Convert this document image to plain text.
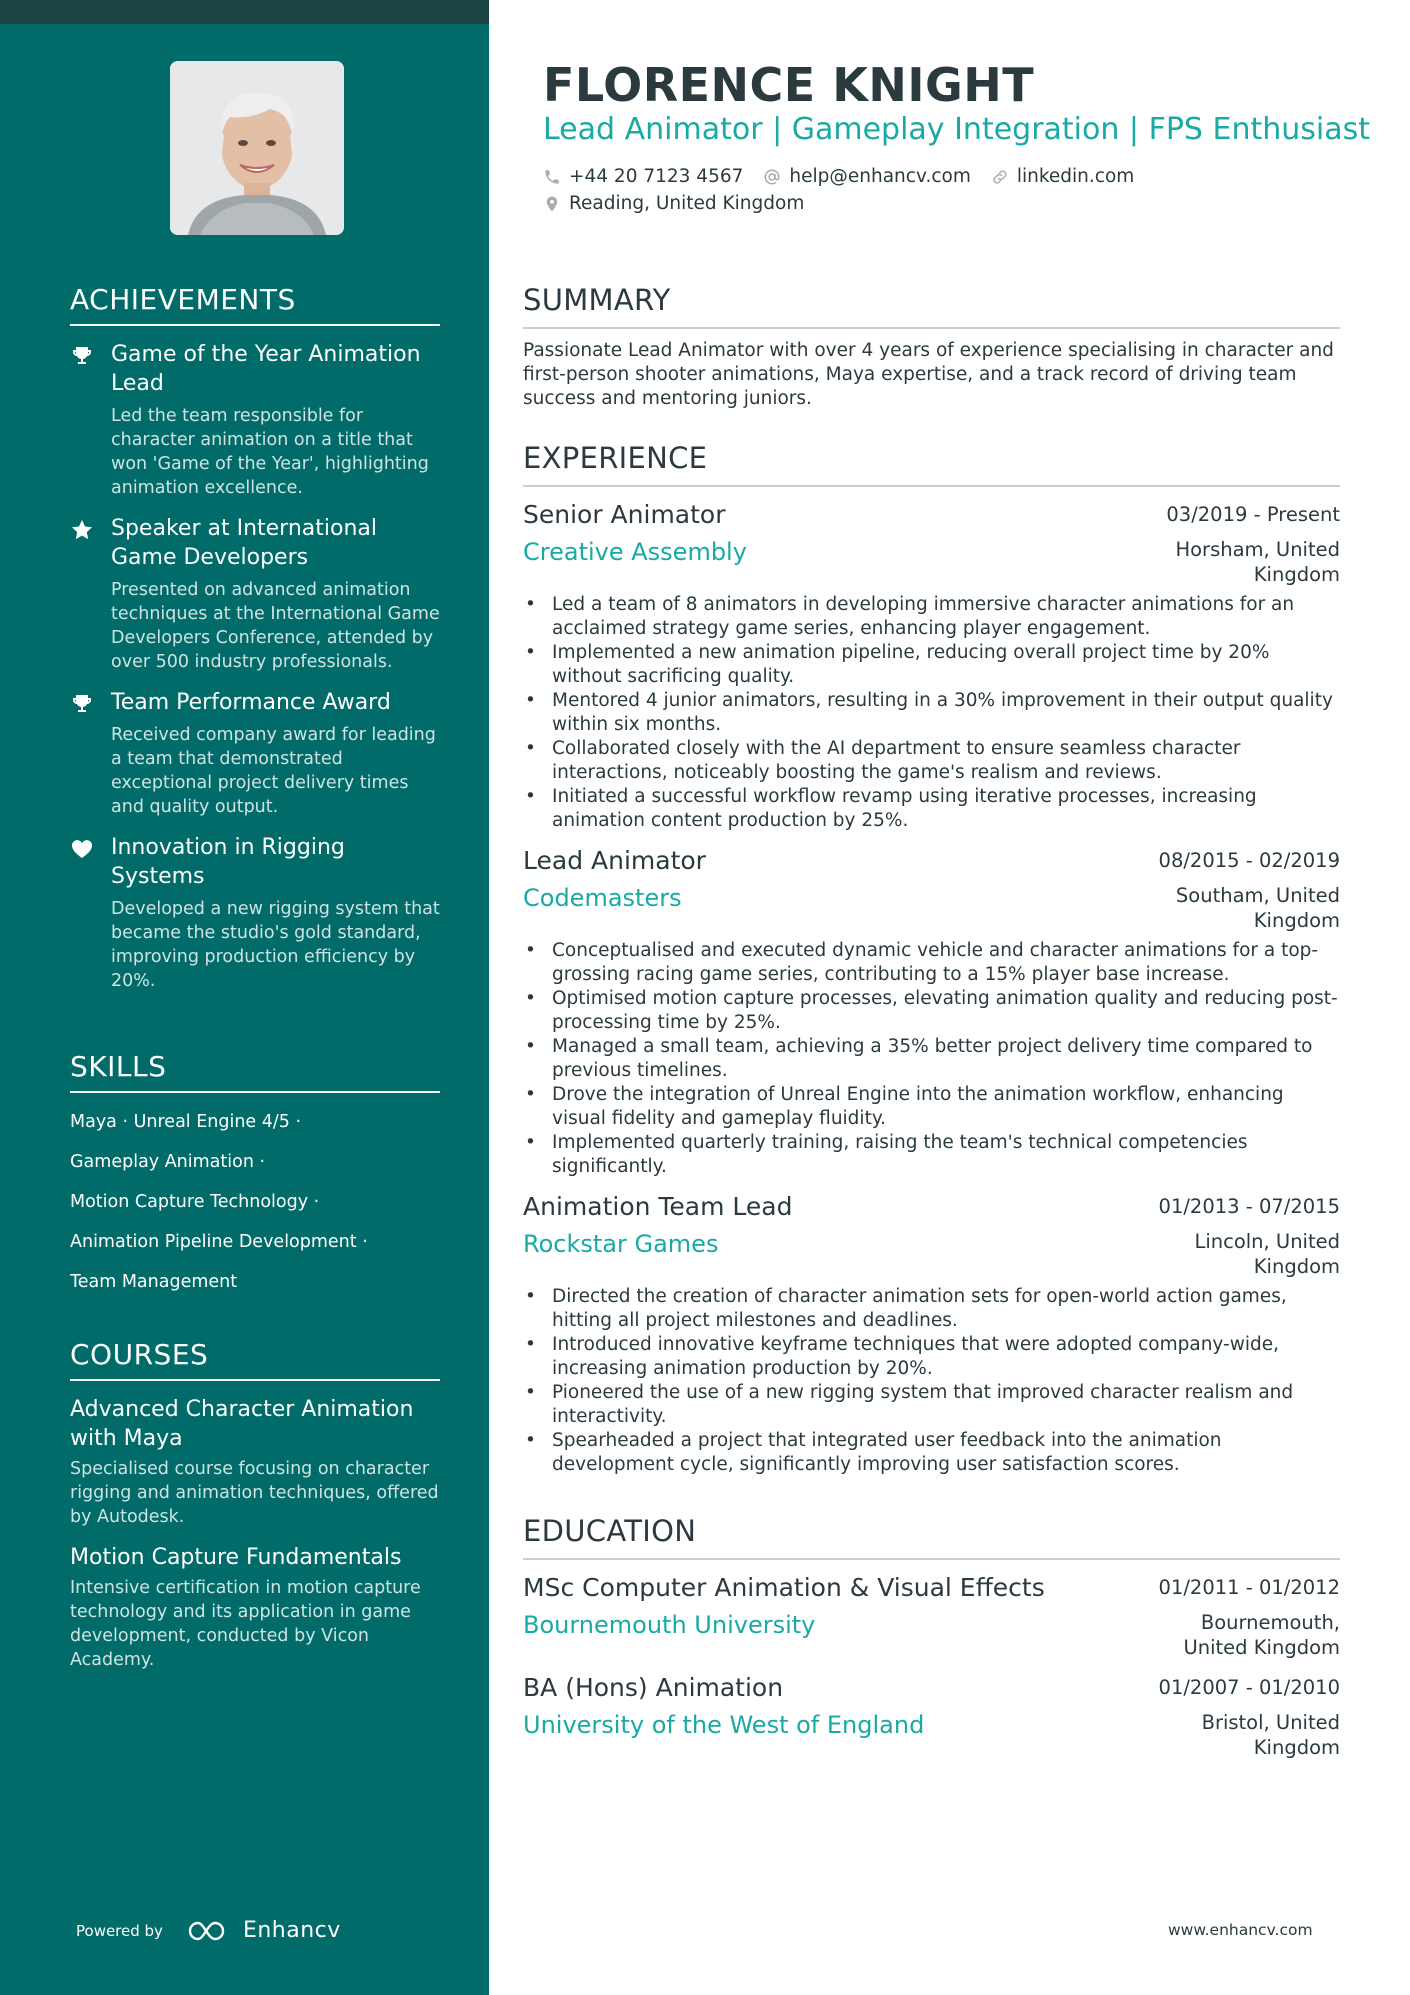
ACHIEVEMENTS
Game of the Year Animation Lead
Led the team responsible for character animation on a title that won 'Game of the Year', highlighting animation excellence.
Speaker at International Game Developers
Presented on advanced animation techniques at the International Game Developers Conference, attended by over 500 industry professionals.
Team Performance Award
Received company award for leading a team that demonstrated exceptional project delivery times and quality output.
Innovation in Rigging Systems
Developed a new rigging system that became the studio's gold standard, improving production efficiency by 20%.
SKILLS
Maya · Unreal Engine 4/5 ·
Gameplay Animation ·
Motion Capture Technology ·
Animation Pipeline Development ·
Team Management
COURSES
Advanced Character Animation with Maya
Specialised course focusing on character rigging and animation techniques, offered by Autodesk.
Motion Capture Fundamentals
Intensive certification in motion capture technology and its application in game development, conducted by Vicon Academy.
Powered by	Enhancv
FLORENCE KNIGHT
Lead Animator | Gameplay Integration | FPS Enthusiast
+44 20 7123 4567 help@enhancv.com linkedin.com
Reading, United Kingdom
SUMMARY
Passionate Lead Animator with over 4 years of experience specialising in character and first-person shooter animations, Maya expertise, and a track record of driving team success and mentoring juniors.
EXPERIENCE
Senior Animator	03/2019 - Present
Creative Assembly	Horsham, United Kingdom
• Led a team of 8 animators in developing immersive character animations for an acclaimed strategy game series, enhancing player engagement.
• Implemented a new animation pipeline, reducing overall project time by 20% without sacrificing quality.
• Mentored 4 junior animators, resulting in a 30% improvement in their output quality within six months.
• Collaborated closely with the AI department to ensure seamless character interactions, noticeably boosting the game's realism and reviews.
• Initiated a successful workflow revamp using iterative processes, increasing animation content production by 25%.
Lead Animator	08/2015 - 02/2019
Codemasters	Southam, United Kingdom
• Conceptualised and executed dynamic vehicle and character animations for a top-grossing racing game series, contributing to a 15% player base increase.
• Optimised motion capture processes, elevating animation quality and reducing post-processing time by 25%.
• Managed a small team, achieving a 35% better project delivery time compared to previous timelines.
• Drove the integration of Unreal Engine into the animation workflow, enhancing visual fidelity and gameplay fluidity.
• Implemented quarterly training, raising the team's technical competencies significantly.
Animation Team Lead	01/2013 - 07/2015
Rockstar Games	Lincoln, United Kingdom
• Directed the creation of character animation sets for open-world action games, hitting all project milestones and deadlines.
• Introduced innovative keyframe techniques that were adopted company-wide, increasing animation production by 20%.
• Pioneered the use of a new rigging system that improved character realism and interactivity.
• Spearheaded a project that integrated user feedback into the animation development cycle, significantly improving user satisfaction scores.
EDUCATION
MSc Computer Animation & Visual Effects	01/2011 - 01/2012
Bournemouth University	Bournemouth, United Kingdom
BA (Hons) Animation	01/2007 - 01/2010
University of the West of England	Bristol, United Kingdom
www.enhancv.com
